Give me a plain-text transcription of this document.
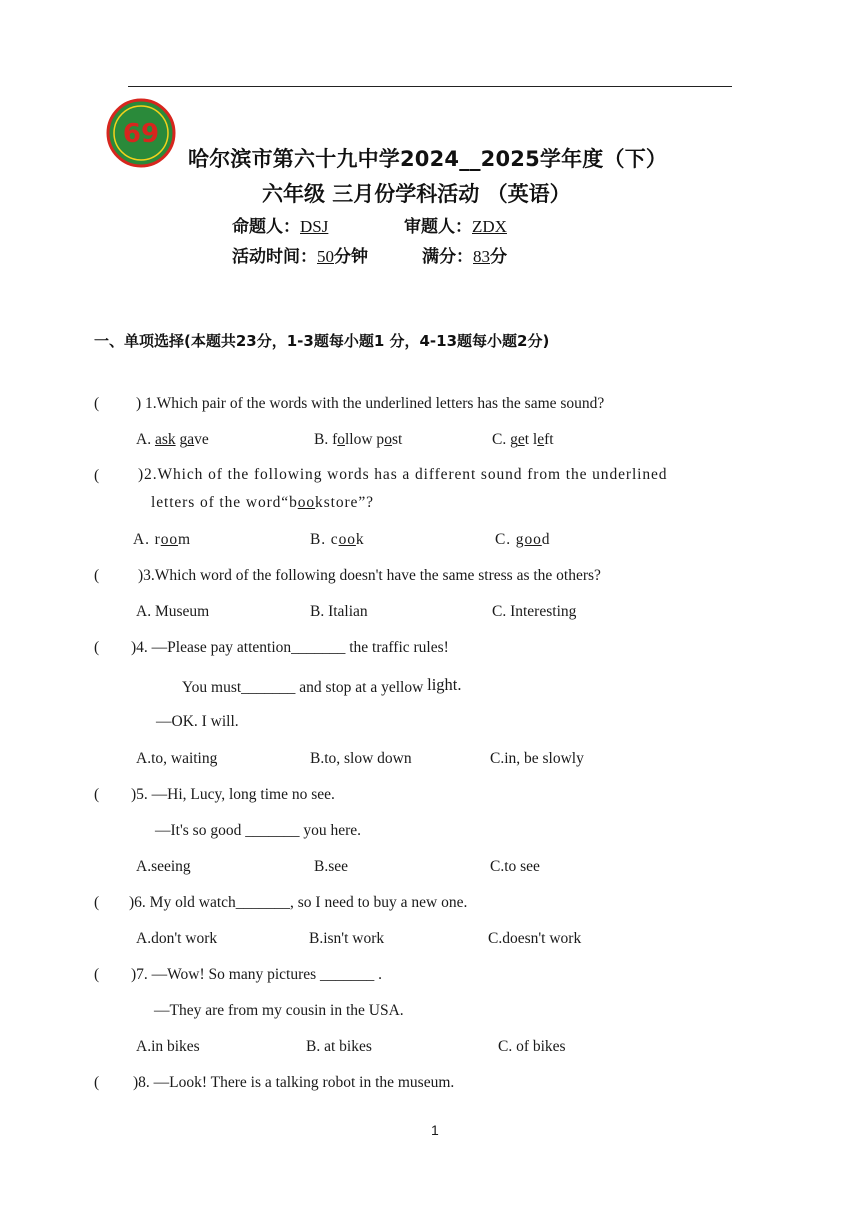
69
哈尔滨市第六十九中学2024__2025学年度（下）
六年级 三月份学科活动 （英语）
命题人：DSJ	审题人：ZDX
活动时间：50分钟	满分：83分
一、单项选择(本题共23分，1-3题每小题1 分，4-13题每小题2分)
( ) 1.Which pair of the words with the underlined letters has the same sound?
A. ask gave	B. follow post	C. get left
(	)2.Which of the following words has a different sound from the underlined
letters of the word“bookstore”?
A. room	B. cook	C. good
(	)3.Which word of the following doesn't have the same stress as the others?
A. Museum	B. Italian	C. Interesting
( )4. —Please pay attention_______ the traffic rules!
You must_______ and stop at a yellow light.
—OK. I will.
A.to, waiting	B.to, slow down	C.in, be slowly
( )5. —Hi, Lucy, long time no see.
—It's so good _______ you here.
A.seeing	B.see	C.to see
( )6. My old watch_______, so I need to buy a new one.
A.don't work	B.isn't work	C.doesn't work
( )7. —Wow! So many pictures _______ .
—They are from my cousin in the USA.
A.in bikes	B. at bikes	C. of bikes
( )8. —Look! There is a talking robot in the museum.
1
